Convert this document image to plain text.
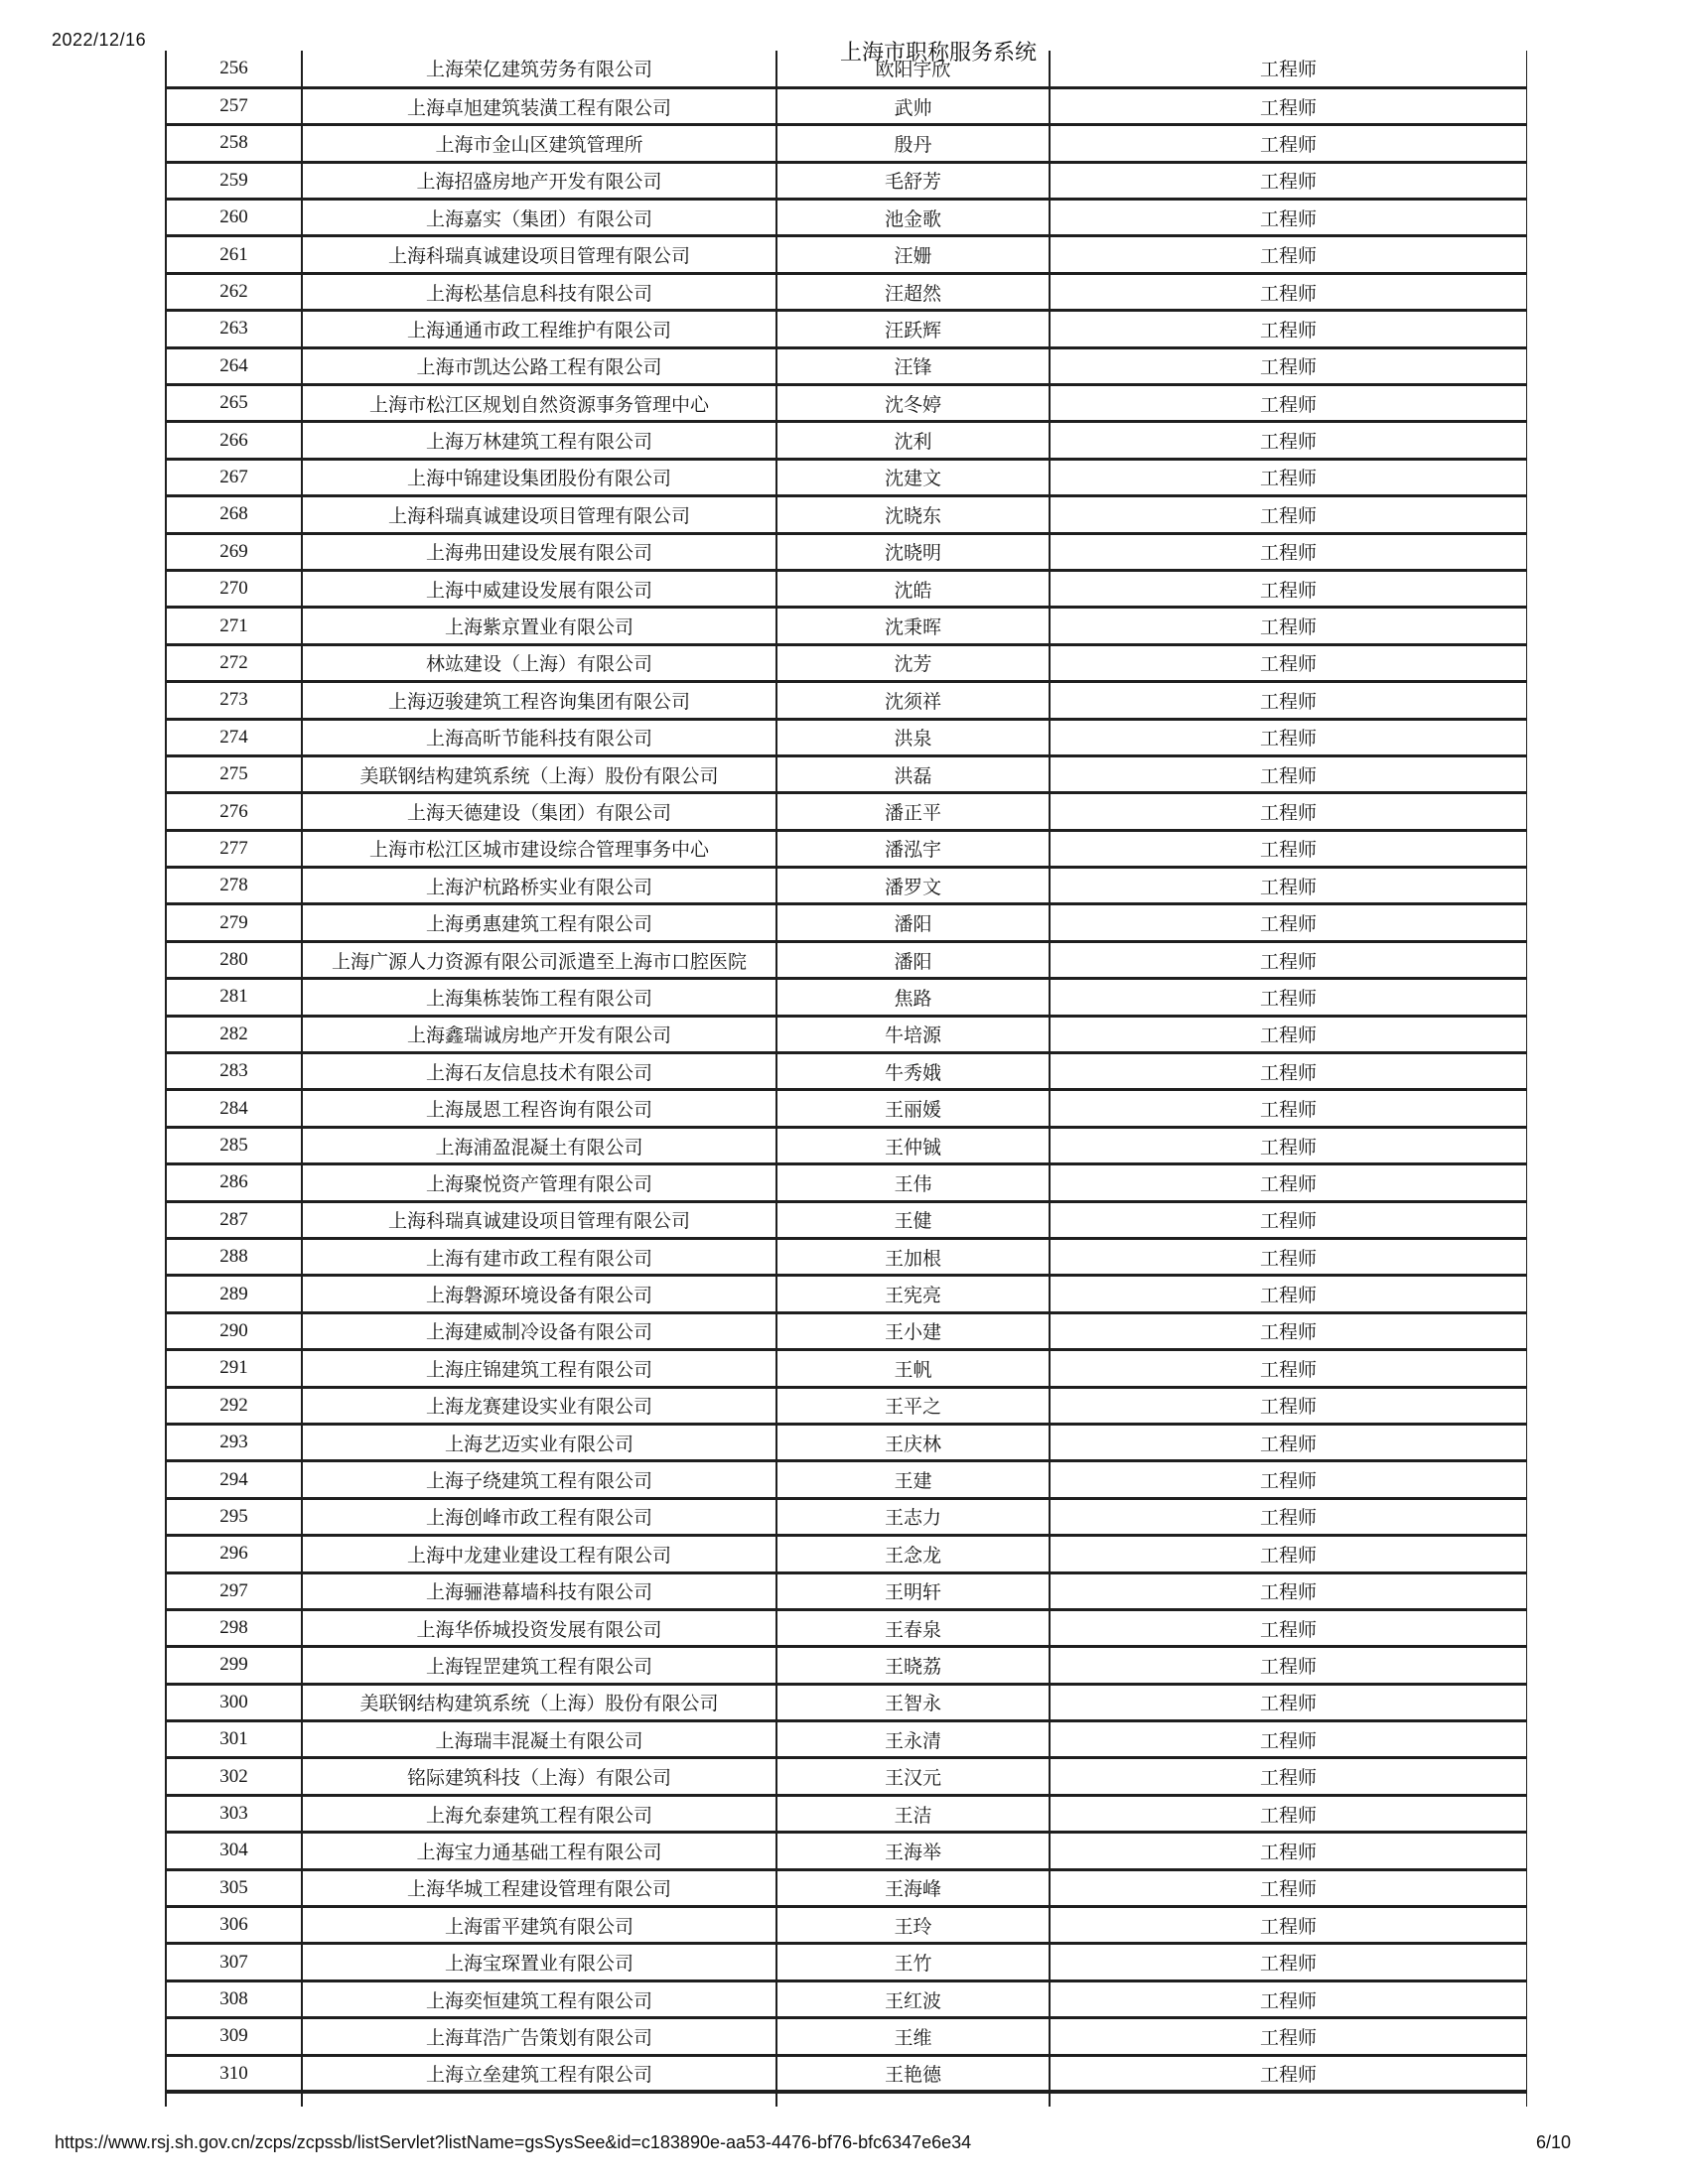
2022/12/16	上海市职称服务系统
256	上海荣亿建筑劳务有限公司	欧阳宇欣	工程师
257	上海卓旭建筑装潢工程有限公司	武帅	工程师
258	上海市金山区建筑管理所	殷丹	工程师
259	上海招盛房地产开发有限公司	毛舒芳	工程师
260	上海嘉实（集团）有限公司	池金歌	工程师
261	上海科瑞真诚建设项目管理有限公司	汪姗	工程师
262	上海松基信息科技有限公司	汪超然	工程师
263	上海通通市政工程维护有限公司	汪跃辉	工程师
264	上海市凯达公路工程有限公司	汪锋	工程师
265	上海市松江区规划自然资源事务管理中心	沈冬婷	工程师
266	上海万林建筑工程有限公司	沈利	工程师
267	上海中锦建设集团股份有限公司	沈建文	工程师
268	上海科瑞真诚建设项目管理有限公司	沈晓东	工程师
269	上海弗田建设发展有限公司	沈晓明	工程师
270	上海中威建设发展有限公司	沈皓	工程师
271	上海紫京置业有限公司	沈秉晖	工程师
272	林竑建设（上海）有限公司	沈芳	工程师
273	上海迈骏建筑工程咨询集团有限公司	沈须祥	工程师
274	上海高昕节能科技有限公司	洪泉	工程师
275	美联钢结构建筑系统（上海）股份有限公司	洪磊	工程师
276	上海天德建设（集团）有限公司	潘正平	工程师
277	上海市松江区城市建设综合管理事务中心	潘泓宇	工程师
278	上海沪杭路桥实业有限公司	潘罗文	工程师
279	上海勇惠建筑工程有限公司	潘阳	工程师
280	上海广源人力资源有限公司派遣至上海市口腔医院	潘阳	工程师
281	上海集栋装饰工程有限公司	焦路	工程师
282	上海鑫瑞诚房地产开发有限公司	牛培源	工程师
283	上海石友信息技术有限公司	牛秀娥	工程师
284	上海晟恩工程咨询有限公司	王丽媛	工程师
285	上海浦盈混凝土有限公司	王仲铖	工程师
286	上海聚悦资产管理有限公司	王伟	工程师
287	上海科瑞真诚建设项目管理有限公司	王健	工程师
288	上海有建市政工程有限公司	王加根	工程师
289	上海磐源环境设备有限公司	王宪亮	工程师
290	上海建威制冷设备有限公司	王小建	工程师
291	上海庄锦建筑工程有限公司	王帆	工程师
292	上海龙赛建设实业有限公司	王平之	工程师
293	上海艺迈实业有限公司	王庆林	工程师
294	上海子绕建筑工程有限公司	王建	工程师
295	上海创峰市政工程有限公司	王志力	工程师
296	上海中龙建业建设工程有限公司	王念龙	工程师
297	上海骊港幕墙科技有限公司	王明轩	工程师
298	上海华侨城投资发展有限公司	王春泉	工程师
299	上海锃罡建筑工程有限公司	王晓荔	工程师
300	美联钢结构建筑系统（上海）股份有限公司	王智永	工程师
301	上海瑞丰混凝土有限公司	王永清	工程师
302	铭际建筑科技（上海）有限公司	王汉元	工程师
303	上海允泰建筑工程有限公司	王洁	工程师
304	上海宝力通基础工程有限公司	王海举	工程师
305	上海华城工程建设管理有限公司	王海峰	工程师
306	上海雷平建筑有限公司	王玲	工程师
307	上海宝琛置业有限公司	王竹	工程师
308	上海奕恒建筑工程有限公司	王红波	工程师
309	上海茸浩广告策划有限公司	王维	工程师
310	上海立垒建筑工程有限公司	王艳德	工程师

https://www.rsj.sh.gov.cn/zcps/zcpssb/listServlet?listName=gsSysSee&id=c183890e-aa53-4476-bf76-bfc6347e6e34	6/10
